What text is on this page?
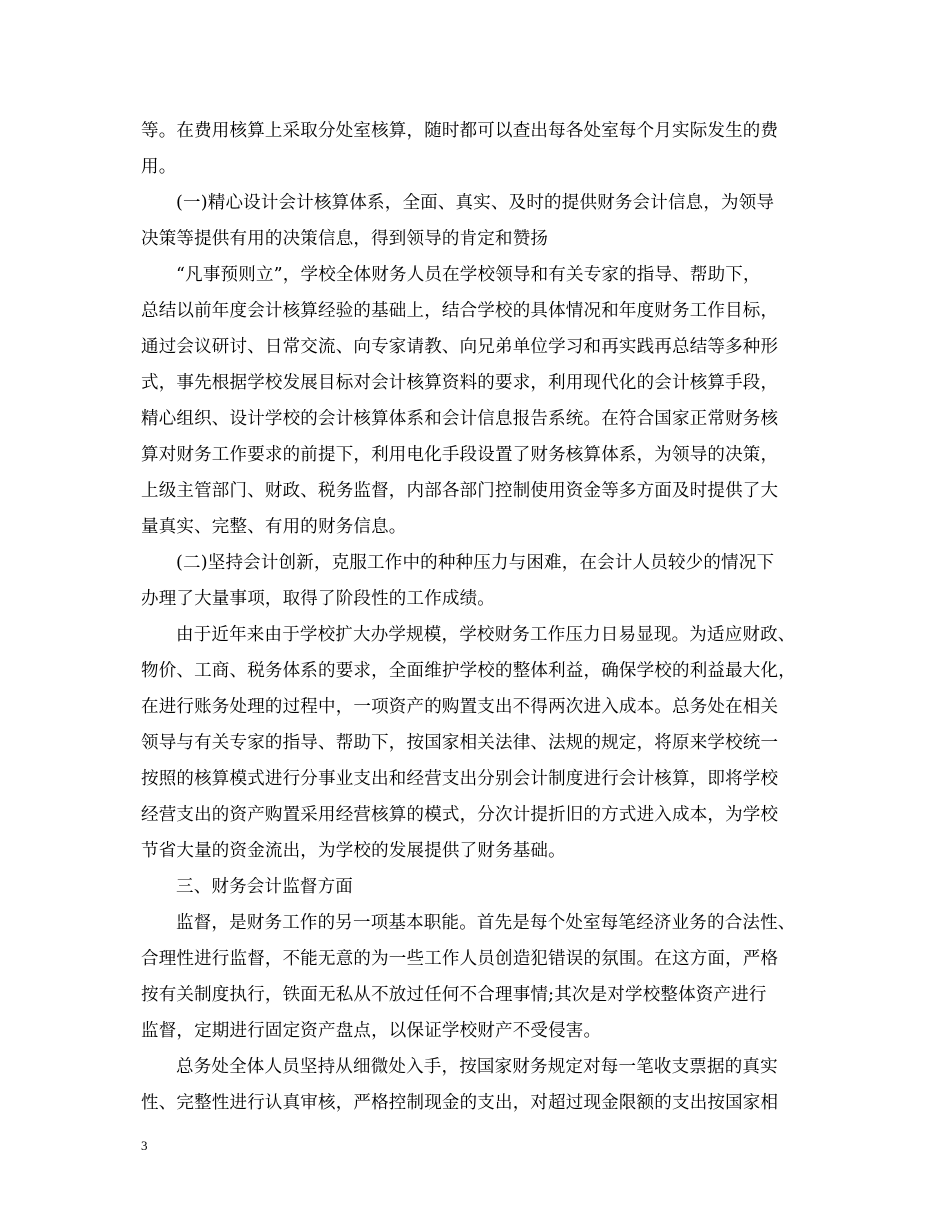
等。在费用核算上采取分处室核算，随时都可以查出每各处室每个月实际发生的费
用。
(一)精心设计会计核算体系，全面、真实、及时的提供财务会计信息，为领导
决策等提供有用的决策信息，得到领导的肯定和赞扬
“凡事预则立”，学校全体财务人员在学校领导和有关专家的指导、帮助下，
总结以前年度会计核算经验的基础上，结合学校的具体情况和年度财务工作目标，
通过会议研讨、日常交流、向专家请教、向兄弟单位学习和再实践再总结等多种形
式，事先根据学校发展目标对会计核算资料的要求，利用现代化的会计核算手段，
精心组织、设计学校的会计核算体系和会计信息报告系统。在符合国家正常财务核
算对财务工作要求的前提下，利用电化手段设置了财务核算体系，为领导的决策，
上级主管部门、财政、税务监督，内部各部门控制使用资金等多方面及时提供了大
量真实、完整、有用的财务信息。
(二)坚持会计创新，克服工作中的种种压力与困难，在会计人员较少的情况下
办理了大量事项，取得了阶段性的工作成绩。
由于近年来由于学校扩大办学规模，学校财务工作压力日易显现。为适应财政、
物价、工商、税务体系的要求，全面维护学校的整体利益，确保学校的利益最大化，
在进行账务处理的过程中，一项资产的购置支出不得两次进入成本。总务处在相关
领导与有关专家的指导、帮助下，按国家相关法律、法规的规定，将原来学校统一
按照的核算模式进行分事业支出和经营支出分别会计制度进行会计核算，即将学校
经营支出的资产购置采用经营核算的模式，分次计提折旧的方式进入成本，为学校
节省大量的资金流出，为学校的发展提供了财务基础。
三、财务会计监督方面
监督，是财务工作的另一项基本职能。首先是每个处室每笔经济业务的合法性、
合理性进行监督，不能无意的为一些工作人员创造犯错误的氛围。在这方面，严格
按有关制度执行，铁面无私从不放过任何不合理事情;其次是对学校整体资产进行
监督，定期进行固定资产盘点，以保证学校财产不受侵害。
总务处全体人员坚持从细微处入手，按国家财务规定对每一笔收支票据的真实
性、完整性进行认真审核，严格控制现金的支出，对超过现金限额的支出按国家相
3
